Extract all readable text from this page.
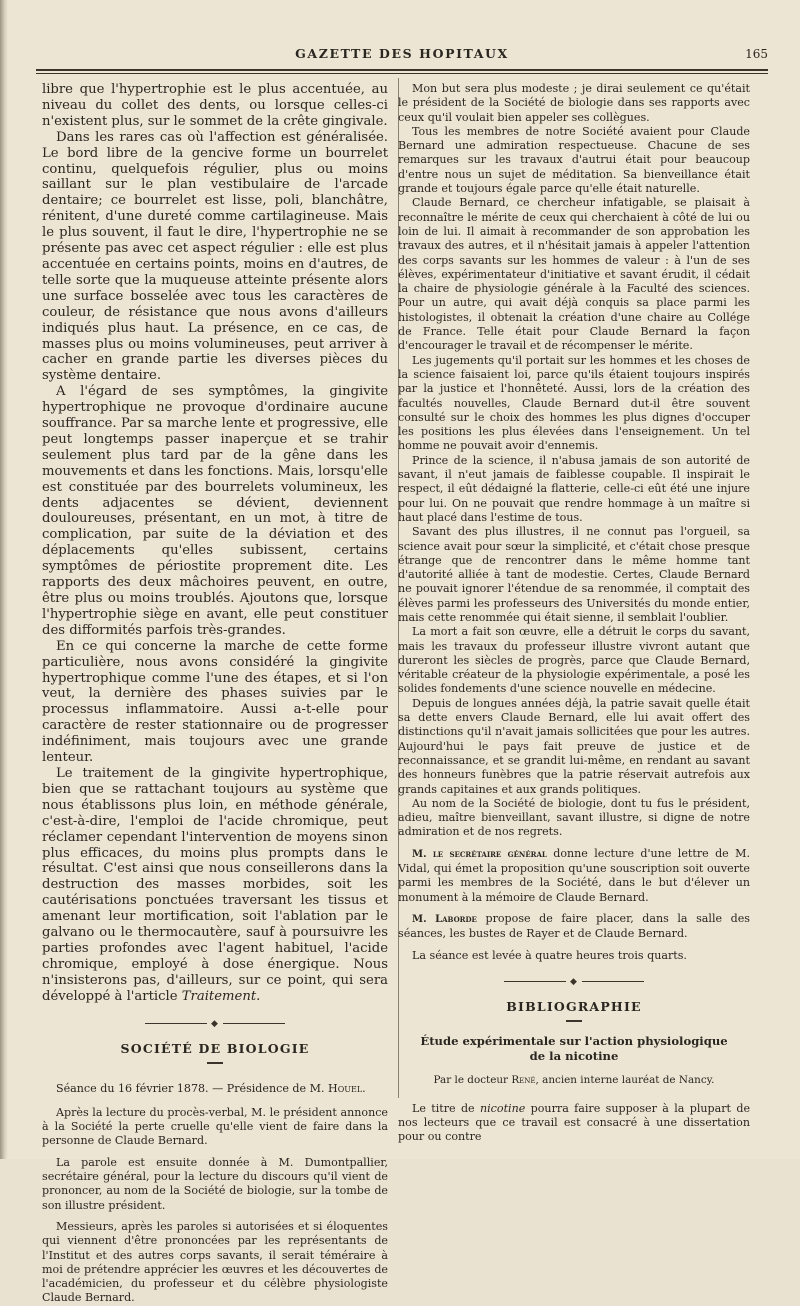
GAZETTE DES HOPITAUX	165

libre que l'hypertrophie est le plus accentuée, au niveau du collet des dents, ou lorsque celles-ci n'existent plus, sur le sommet de la crête gingivale.

Dans les rares cas où l'affection est généralisée. Le bord libre de la gencive forme un bourrelet continu, quelquefois régulier, plus ou moins saillant sur le plan vestibulaire de l'arcade dentaire; ce bourrelet est lisse, poli, blanchâtre, rénitent, d'une dureté comme cartilagineuse. Mais le plus souvent, il faut le dire, l'hypertrophie ne se présente pas avec cet aspect régulier : elle est plus accentuée en certains points, moins en d'autres, de telle sorte que la muqueuse atteinte présente alors une surface bosselée avec tous les caractères de couleur, de résistance que nous avons d'ailleurs indiqués plus haut. La présence, en ce cas, de masses plus ou moins volumineuses, peut arriver à cacher en grande partie les diverses pièces du système dentaire.

A l'égard de ses symptômes, la gingivite hypertrophique ne provoque d'ordinaire aucune souffrance. Par sa marche lente et progressive, elle peut longtemps passer inaperçue et se trahir seulement plus tard par de la gêne dans les mouvements et dans les fonctions. Mais, lorsqu'elle est constituée par des bourrelets volumineux, les dents adjacentes se dévient, deviennent douloureuses, présentant, en un mot, à titre de complication, par suite de la déviation et des déplacements qu'elles subissent, certains symptômes de périostite proprement dite. Les rapports des deux mâchoires peuvent, en outre, être plus ou moins troublés. Ajoutons que, lorsque l'hypertrophie siège en avant, elle peut constituer des difformités parfois très-grandes.

En ce qui concerne la marche de cette forme particulière, nous avons considéré la gingivite hypertrophique comme l'une des étapes, et si l'on veut, la dernière des phases suivies par le processus inflammatoire. Aussi a-t-elle pour caractère de rester stationnaire ou de progresser indéfiniment, mais toujours avec une grande lenteur.

Le traitement de la gingivite hypertrophique, bien que se rattachant toujours au système que nous établissons plus loin, en méthode générale, c'est-à-dire, l'emploi de l'acide chromique, peut réclamer cependant l'intervention de moyens sinon plus efficaces, du moins plus prompts dans le résultat. C'est ainsi que nous conseillerons dans la destruction des masses morbides, soit les cautérisations ponctuées traversant les tissus et amenant leur mortification, soit l'ablation par le galvano ou le thermocautère, sauf à poursuivre les parties profondes avec l'agent habituel, l'acide chromique, employé à dose énergique. Nous n'insisterons pas, d'ailleurs, sur ce point, qui sera développé à l'article Traitement.

◆
SOCIÉTÉ DE BIOLOGIE

Séance du 16 février 1878. — Présidence de M. Houel.

Après la lecture du procès-verbal, M. le président annonce à la Société la perte cruelle qu'elle vient de faire dans la personne de Claude Bernard.

La parole est ensuite donnée à M. Dumontpallier, secrétaire général, pour la lecture du discours qu'il vient de prononcer, au nom de la Société de biologie, sur la tombe de son illustre président.

Messieurs, après les paroles si autorisées et si éloquentes qui viennent d'être prononcées par les représentants de l'Institut et des autres corps savants, il serait téméraire à moi de prétendre apprécier les œuvres et les découvertes de l'académicien, du professeur et du célèbre physiologiste Claude Bernard.

Mon but sera plus modeste ; je dirai seulement ce qu'était le président de la Société de biologie dans ses rapports avec ceux qu'il voulait bien appeler ses collègues.

Tous les membres de notre Société avaient pour Claude Bernard une admiration respectueuse. Chacune de ses remarques sur les travaux d'autrui était pour beaucoup d'entre nous un sujet de méditation. Sa bienveillance était grande et toujours égale parce qu'elle était naturelle.

Claude Bernard, ce chercheur infatigable, se plaisait à reconnaître le mérite de ceux qui cherchaient à côté de lui ou loin de lui. Il aimait à recommander de son approbation les travaux des autres, et il n'hésitait jamais à appeler l'attention des corps savants sur les hommes de valeur : à l'un de ses élèves, expérimentateur d'initiative et savant érudit, il cédait la chaire de physiologie générale à la Faculté des sciences. Pour un autre, qui avait déjà conquis sa place parmi les histologistes, il obtenait la création d'une chaire au Collége de France. Telle était pour Claude Bernard la façon d'encourager le travail et de récompenser le mérite.

Les jugements qu'il portait sur les hommes et les choses de la science faisaient loi, parce qu'ils étaient toujours inspirés par la justice et l'honnêteté. Aussi, lors de la création des facultés nouvelles, Claude Bernard dut-il être souvent consulté sur le choix des hommes les plus dignes d'occuper les positions les plus élevées dans l'enseignement. Un tel homme ne pouvait avoir d'ennemis.

Prince de la science, il n'abusa jamais de son autorité de savant, il n'eut jamais de faiblesse coupable. Il inspirait le respect, il eût dédaigné la flatterie, celle-ci eût été une injure pour lui. On ne pouvait que rendre hommage à un maître si haut placé dans l'estime de tous.

Savant des plus illustres, il ne connut pas l'orgueil, sa science avait pour sœur la simplicité, et c'était chose presque étrange que de rencontrer dans le même homme tant d'autorité alliée à tant de modestie. Certes, Claude Bernard ne pouvait ignorer l'étendue de sa renommée, il comptait des élèves parmi les professeurs des Universités du monde entier, mais cette renommée qui était sienne, il semblait l'oublier.

La mort a fait son œuvre, elle a détruit le corps du savant, mais les travaux du professeur illustre vivront autant que dureront les siècles de progrès, parce que Claude Bernard, véritable créateur de la physiologie expérimentale, a posé les solides fondements d'une science nouvelle en médecine.

Depuis de longues années déjà, la patrie savait quelle était sa dette envers Claude Bernard, elle lui avait offert des distinctions qu'il n'avait jamais sollicitées que pour les autres. Aujourd'hui le pays fait preuve de justice et de reconnaissance, et se grandit lui-même, en rendant au savant des honneurs funèbres que la patrie réservait autrefois aux grands capitaines et aux grands politiques.

Au nom de la Société de biologie, dont tu fus le président, adieu, maître bienveillant, savant illustre, si digne de notre admiration et de nos regrets.

M. le secrétaire général donne lecture d'une lettre de M. Vidal, qui émet la proposition qu'une souscription soit ouverte parmi les membres de la Société, dans le but d'élever un monument à la mémoire de Claude Bernard.

M. Laborde propose de faire placer, dans la salle des séances, les bustes de Rayer et de Claude Bernard.

La séance est levée à quatre heures trois quarts.

◆
BIBLIOGRAPHIE
Étude expérimentale sur l'action physiologique
de la nicotine
Par le docteur René, ancien interne lauréat de Nancy.

Le titre de nicotine pourra faire supposer à la plupart de nos lecteurs que ce travail est consacré à une dissertation pour ou contre
